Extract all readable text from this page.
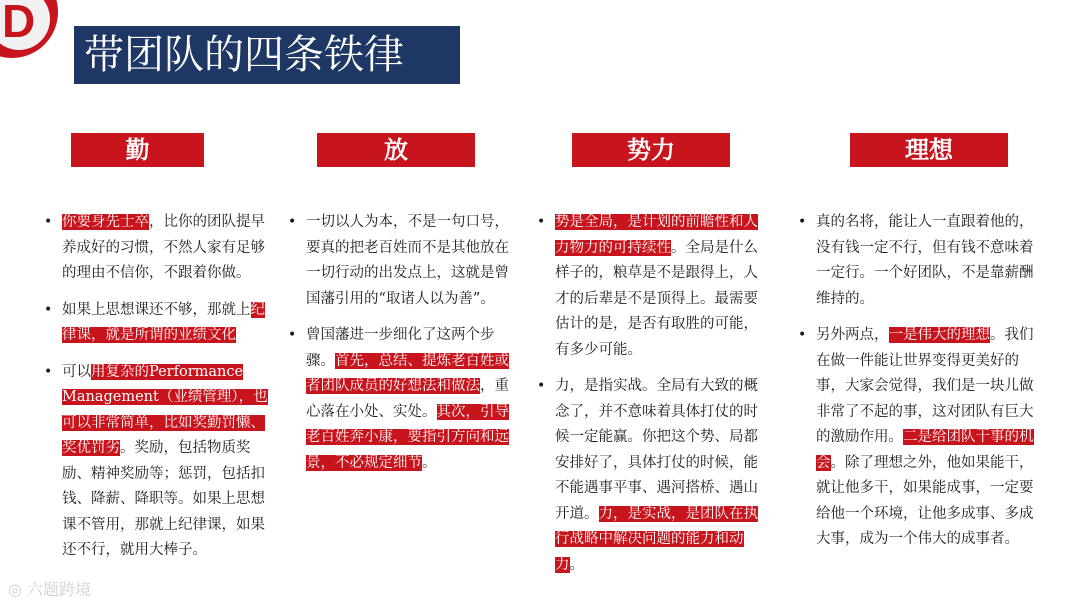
D
带团队的四条铁律
勤	放	势力	理想
• 你要身先士卒，比你的团队提早养成好的习惯，不然人家有足够的理由不信你，不跟着你做。
• 如果上思想课还不够，那就上纪律课，就是所谓的业绩文化
• 可以用复杂的Performance Management（业绩管理），也可以非常简单，比如奖勤罚懒、奖优罚劣。奖励，包括物质奖励、精神奖励等；惩罚，包括扣钱、降薪、降职等。如果上思想课不管用，那就上纪律课，如果还不行，就用大棒子。
• 一切以人为本，不是一句口号，要真的把老百姓而不是其他放在一切行动的出发点上，这就是曾国藩引用的“取诸人以为善”。
• 曾国藩进一步细化了这两个步骤。首先，总结、提炼老百姓或者团队成员的好想法和做法，重心落在小处、实处。其次，引导老百姓奔小康，要指引方向和远景，不必规定细节。
• 势是全局，是计划的前瞻性和人力物力的可持续性。全局是什么样子的，粮草是不是跟得上，人才的后辈是不是顶得上。最需要估计的是，是否有取胜的可能，有多少可能。
• 力，是指实战。全局有大致的概念了，并不意味着具体打仗的时候一定能赢。你把这个势、局都安排好了，具体打仗的时候，能不能遇事平事、遇河搭桥、遇山开道。力，是实战，是团队在执行战略中解决问题的能力和动力。
• 真的名将，能让人一直跟着他的，没有钱一定不行，但有钱不意味着一定行。一个好团队，不是靠薪酬维持的。
• 另外两点，一是伟大的理想。我们在做一件能让世界变得更美好的事，大家会觉得，我们是一块儿做非常了不起的事，这对团队有巨大的激励作用。二是给团队干事的机会。除了理想之外，他如果能干，就让他多干，如果能成事，一定要给他一个环境，让他多成事、多成大事，成为一个伟大的成事者。
◎ 六题跨境
